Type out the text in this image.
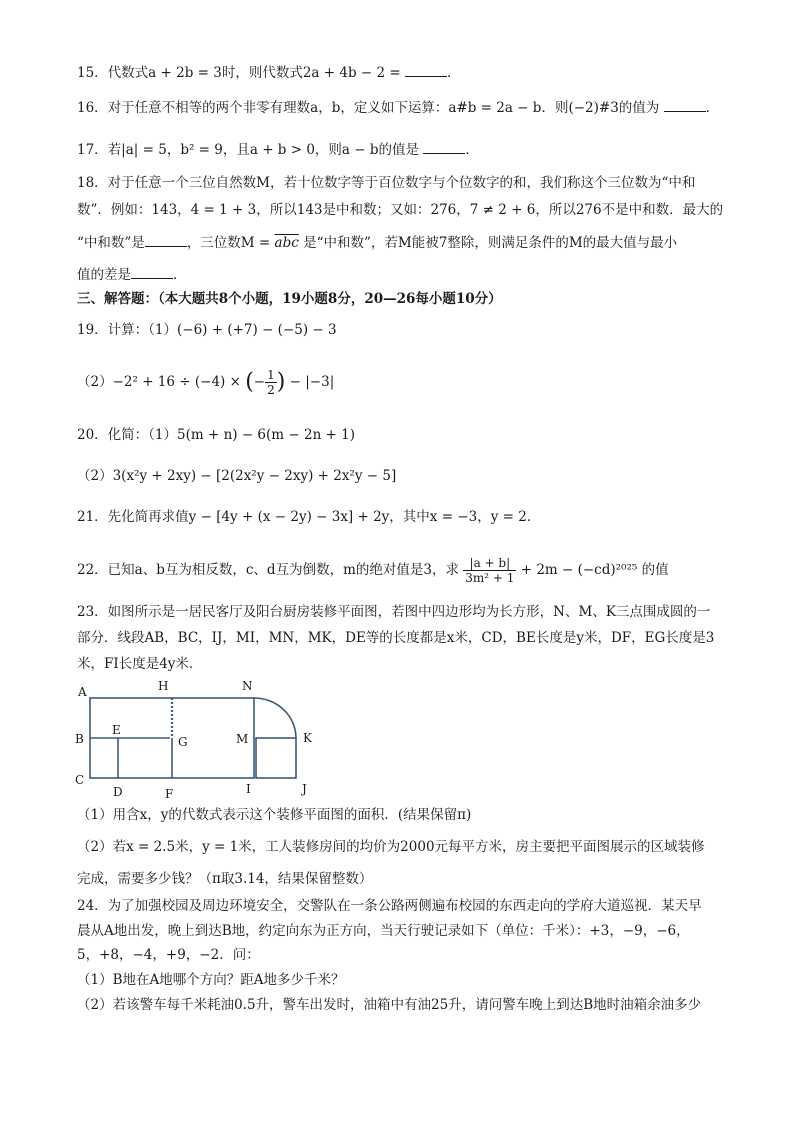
15．代数式a + 2b = 3时，则代数式2a + 4b − 2 =	．
16．对于任意不相等的两个非零有理数a，b，定义如下运算：a#b = 2a − b．则(−2)#3的值为	．
17．若|a| = 5，b² = 9，且a + b > 0，则a − b的值是	．
18．对于任意一个三位自然数M，若十位数字等于百位数字与个位数字的和，我们称这个三位数为“中和
数”．例如：143，4 = 1 + 3，所以143是中和数；又如：276，7 ≠ 2 + 6，所以276不是中和数．最大的
“中和数”是	，三位数$M = \overline{abc}$ 是“中和数”，若M能被7整除，则满足条件的M的最大值与最小
值的差是	．
三、解答题：（本大题共8个小题，19小题8分，20—26每小题10分）
19．计算：（1）(−6) + (+7) − (−5) − 3
（2）−2² + 16 ÷ (−4) × (− $\frac{1}{2}$ ) − |−3|
20．化简：（1）5(m + n) − 6(m − 2n + 1)
（2）3(x²y + 2xy) − [2(2x²y − 2xy) + 2x²y − 5]
21．先化简再求值y − [4y + (x − 2y) − 3x] + 2y，其中x = −3，y = 2．
22．已知a、b互为相反数，c、d互为倒数，m的绝对值是3，求 $\frac{|a + b|}{\text{3m² + 1}} + 2m - (-cd)^{2025}$ 的值
23．如图所示是一居民客厅及阳台厨房装修平面图，若图中四边形均为长方形，N、M、K三点围成圆的一
部分．线段AB，BC，IJ，MI，MN，MK，DE等的长度都是x米，CD，BE长度是y米，DF，EG长度是3
米，FI长度是4y米．
A	H	N
B
E
G	M	K
C
D	F	I	J
（1）用含x，y的代数式表示这个装修平面图的面积．(结果保留π)
（2）若x = 2.5米，y = 1米，工人装修房间的均价为2000元每平方米，房主要把平面图展示的区域装修
完成，需要多少钱？（π取3.14，结果保留整数）
24．为了加强校园及周边环境安全，交警队在一条公路两侧遍布校园的东西走向的学府大道巡视．某天早
晨从A地出发，晚上到达B地，约定向东为正方向，当天行驶记录如下（单位：千米）：+3，−9，−6，
5，+8，−4，+9，−2．问：
（1）B地在A地哪个方向？距A地多少千米？
（2）若该警车每千米耗油0.5升，警车出发时，油箱中有油25升，请问警车晚上到达B地时油箱余油多少
